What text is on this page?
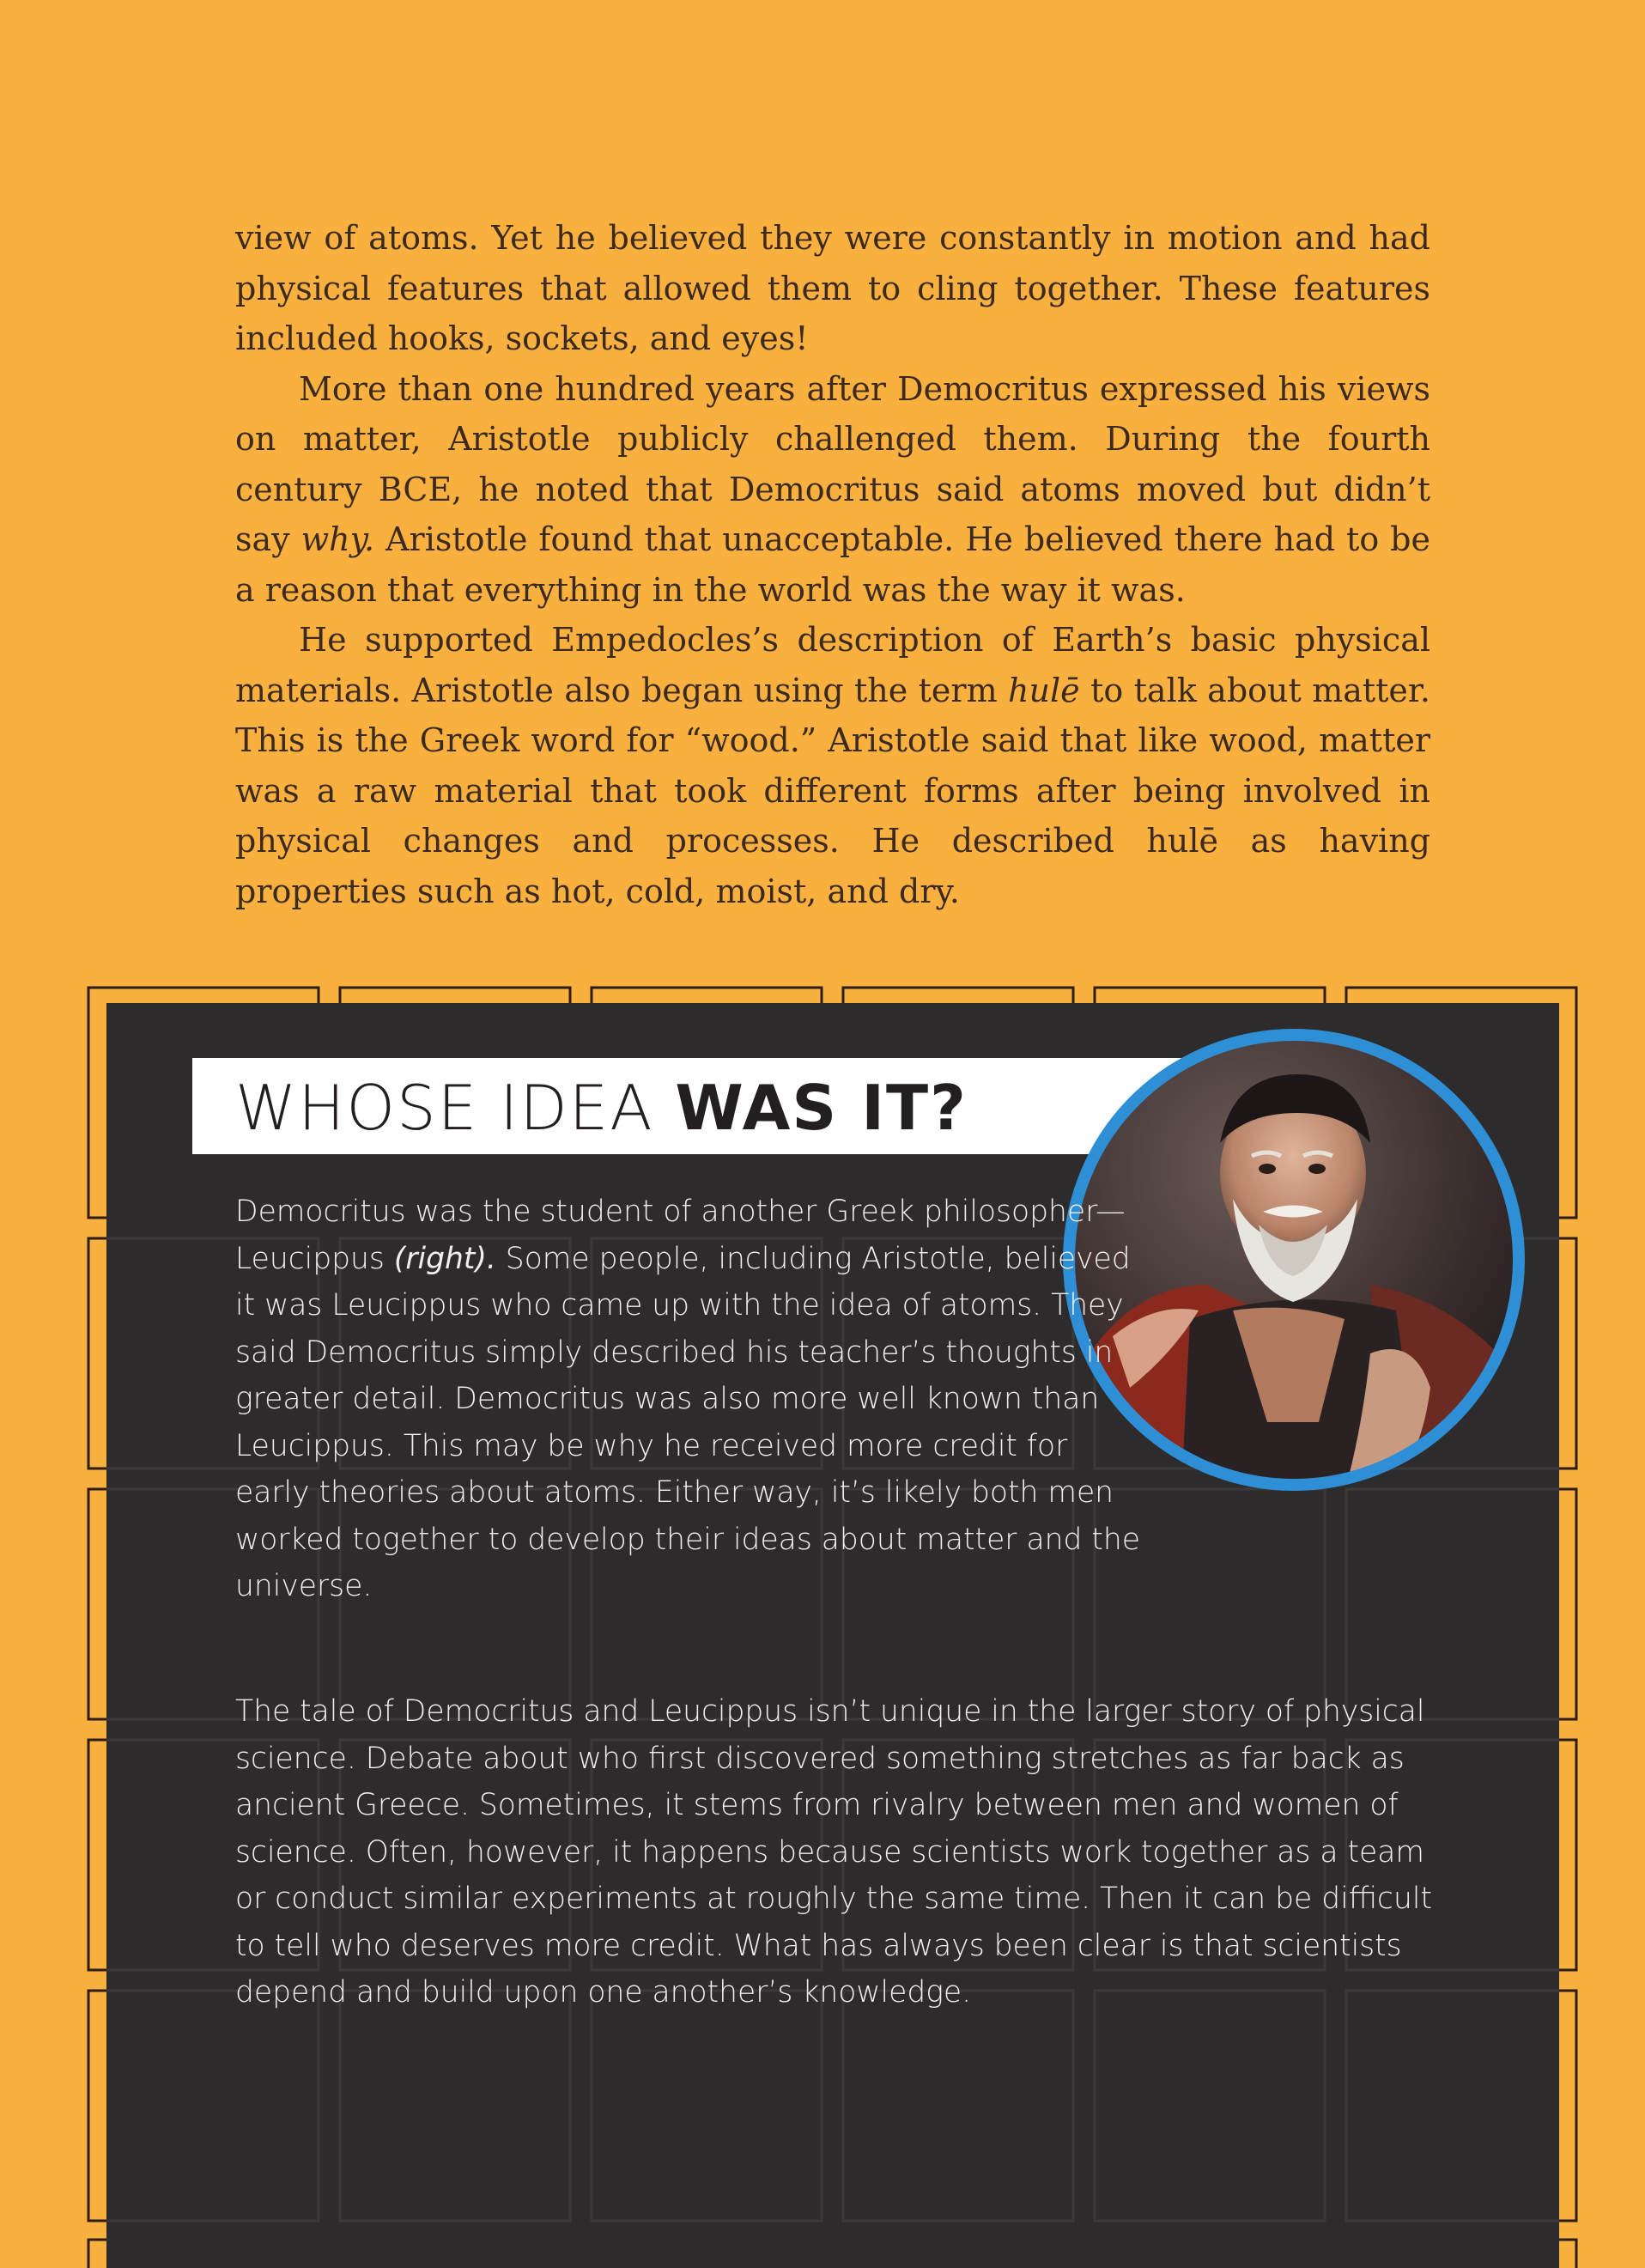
view of atoms. Yet he believed they were constantly in motion and had physical features that allowed them to cling together. These features included hooks, sockets, and eyes!

More than one hundred years after Democritus expressed his views on matter, Aristotle publicly challenged them. During the fourth century BCE, he noted that Democritus said atoms moved but didn’t say why. Aristotle found that unacceptable. He believed there had to be a reason that everything in the world was the way it was.

He supported Empedocles’s description of Earth’s basic physical materials. Aristotle also began using the term hulē to talk about matter. This is the Greek word for “wood.” Aristotle said that like wood, matter was a raw material that took different forms after being involved in physical changes and processes. He described hulē as having properties such as hot, cold, moist, and dry.

WHOSE IDEA WAS IT?

Democritus was the student of another Greek philosopher—Leucippus (right). Some people, including Aristotle, believed it was Leucippus who came up with the idea of atoms. They said Democritus simply described his teacher’s thoughts in greater detail. Democritus was also more well known than Leucippus. This may be why he received more credit for early theories about atoms. Either way, it’s likely both men worked together to develop their ideas about matter and the universe.

The tale of Democritus and Leucippus isn’t unique in the larger story of physical science. Debate about who first discovered something stretches as far back as ancient Greece. Sometimes, it stems from rivalry between men and women of science. Often, however, it happens because scientists work together as a team or conduct similar experiments at roughly the same time. Then it can be difficult to tell who deserves more credit. What has always been clear is that scientists depend and build upon one another’s knowledge.
